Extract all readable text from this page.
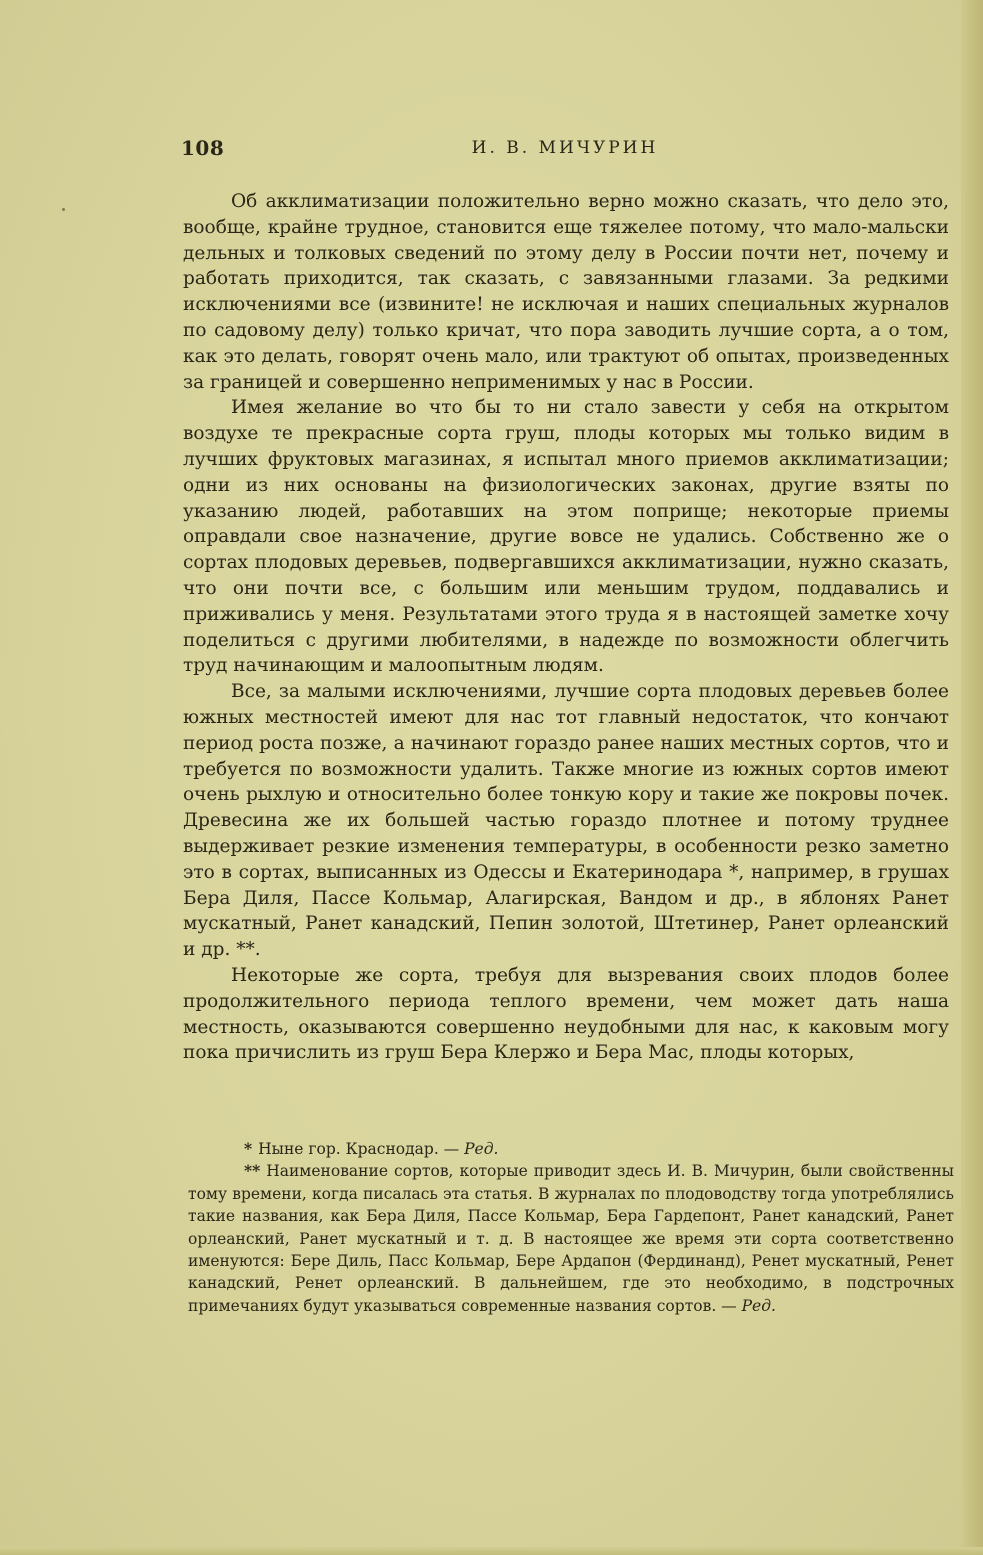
108	И. В. МИЧУРИН

Об акклиматизации положительно верно можно сказать, что дело это, вообще, крайне трудное, становится еще тяжелее потому, что мало-мальски дельных и толковых сведений по этому делу в России почти нет, почему и работать приходится, так сказать, с завязанными глазами. За редкими исключениями все (извините! не исключая и наших специальных журналов по садовому делу) только кричат, что пора заводить лучшие сорта, а о том, как это делать, говорят очень мало, или трактуют об опытах, произведенных за границей и совершенно неприменимых у нас в России.

Имея желание во что бы то ни стало завести у себя на открытом воздухе те прекрасные сорта груш, плоды которых мы только видим в лучших фруктовых магазинах, я испытал много приемов акклиматизации; одни из них основаны на физиологических законах, другие взяты по указанию людей, работавших на этом поприще; некоторые приемы оправдали свое назначение, другие вовсе не удались. Собственно же о сортах плодовых деревьев, подвергавшихся акклиматизации, нужно сказать, что они почти все, с большим или меньшим трудом, поддавались и приживались у меня. Результатами этого труда я в настоящей заметке хочу поделиться с другими любителями, в надежде по возможности облегчить труд начинающим и малоопытным людям.

Все, за малыми исключениями, лучшие сорта плодовых деревьев более южных местностей имеют для нас тот главный недостаток, что кончают период роста позже, а начинают гораздо ранее наших местных сортов, что и требуется по возможности удалить. Также многие из южных сортов имеют очень рыхлую и относительно более тонкую кору и такие же покровы почек. Древесина же их большей частью гораздо плотнее и потому труднее выдерживает резкие изменения температуры, в особенности резко заметно это в сортах, выписанных из Одессы и Екатеринодара *, например, в грушах Бера Диля, Пассе Кольмар, Алагирская, Вандом и др., в яблонях Ранет мускатный, Ранет канадский, Пепин золотой, Штетинер, Ранет орлеанский и др. **.

Некоторые же сорта, требуя для вызревания своих плодов более продолжительного периода теплого времени, чем может дать наша местность, оказываются совершенно неудобными для нас, к каковым могу пока причислить из груш Бера Клержо и Бера Мас, плоды которых,

* Ныне гор. Краснодар. — Ред.

** Наименование сортов, которые приводит здесь И. В. Мичурин, были свойственны тому времени, когда писалась эта статья. В журналах по плодоводству тогда употреблялись такие названия, как Бера Диля, Пассе Кольмар, Бера Гардепонт, Ранет канадский, Ранет орлеанский, Ранет мускатный и т. д. В настоящее же время эти сорта соответственно именуются: Бере Диль, Пасс Кольмар, Бере Ардапон (Фердинанд), Ренет мускатный, Ренет канадский, Ренет орлеанский. В дальнейшем, где это необходимо, в подстрочных примечаниях будут указываться современные названия сортов. — Ред.
